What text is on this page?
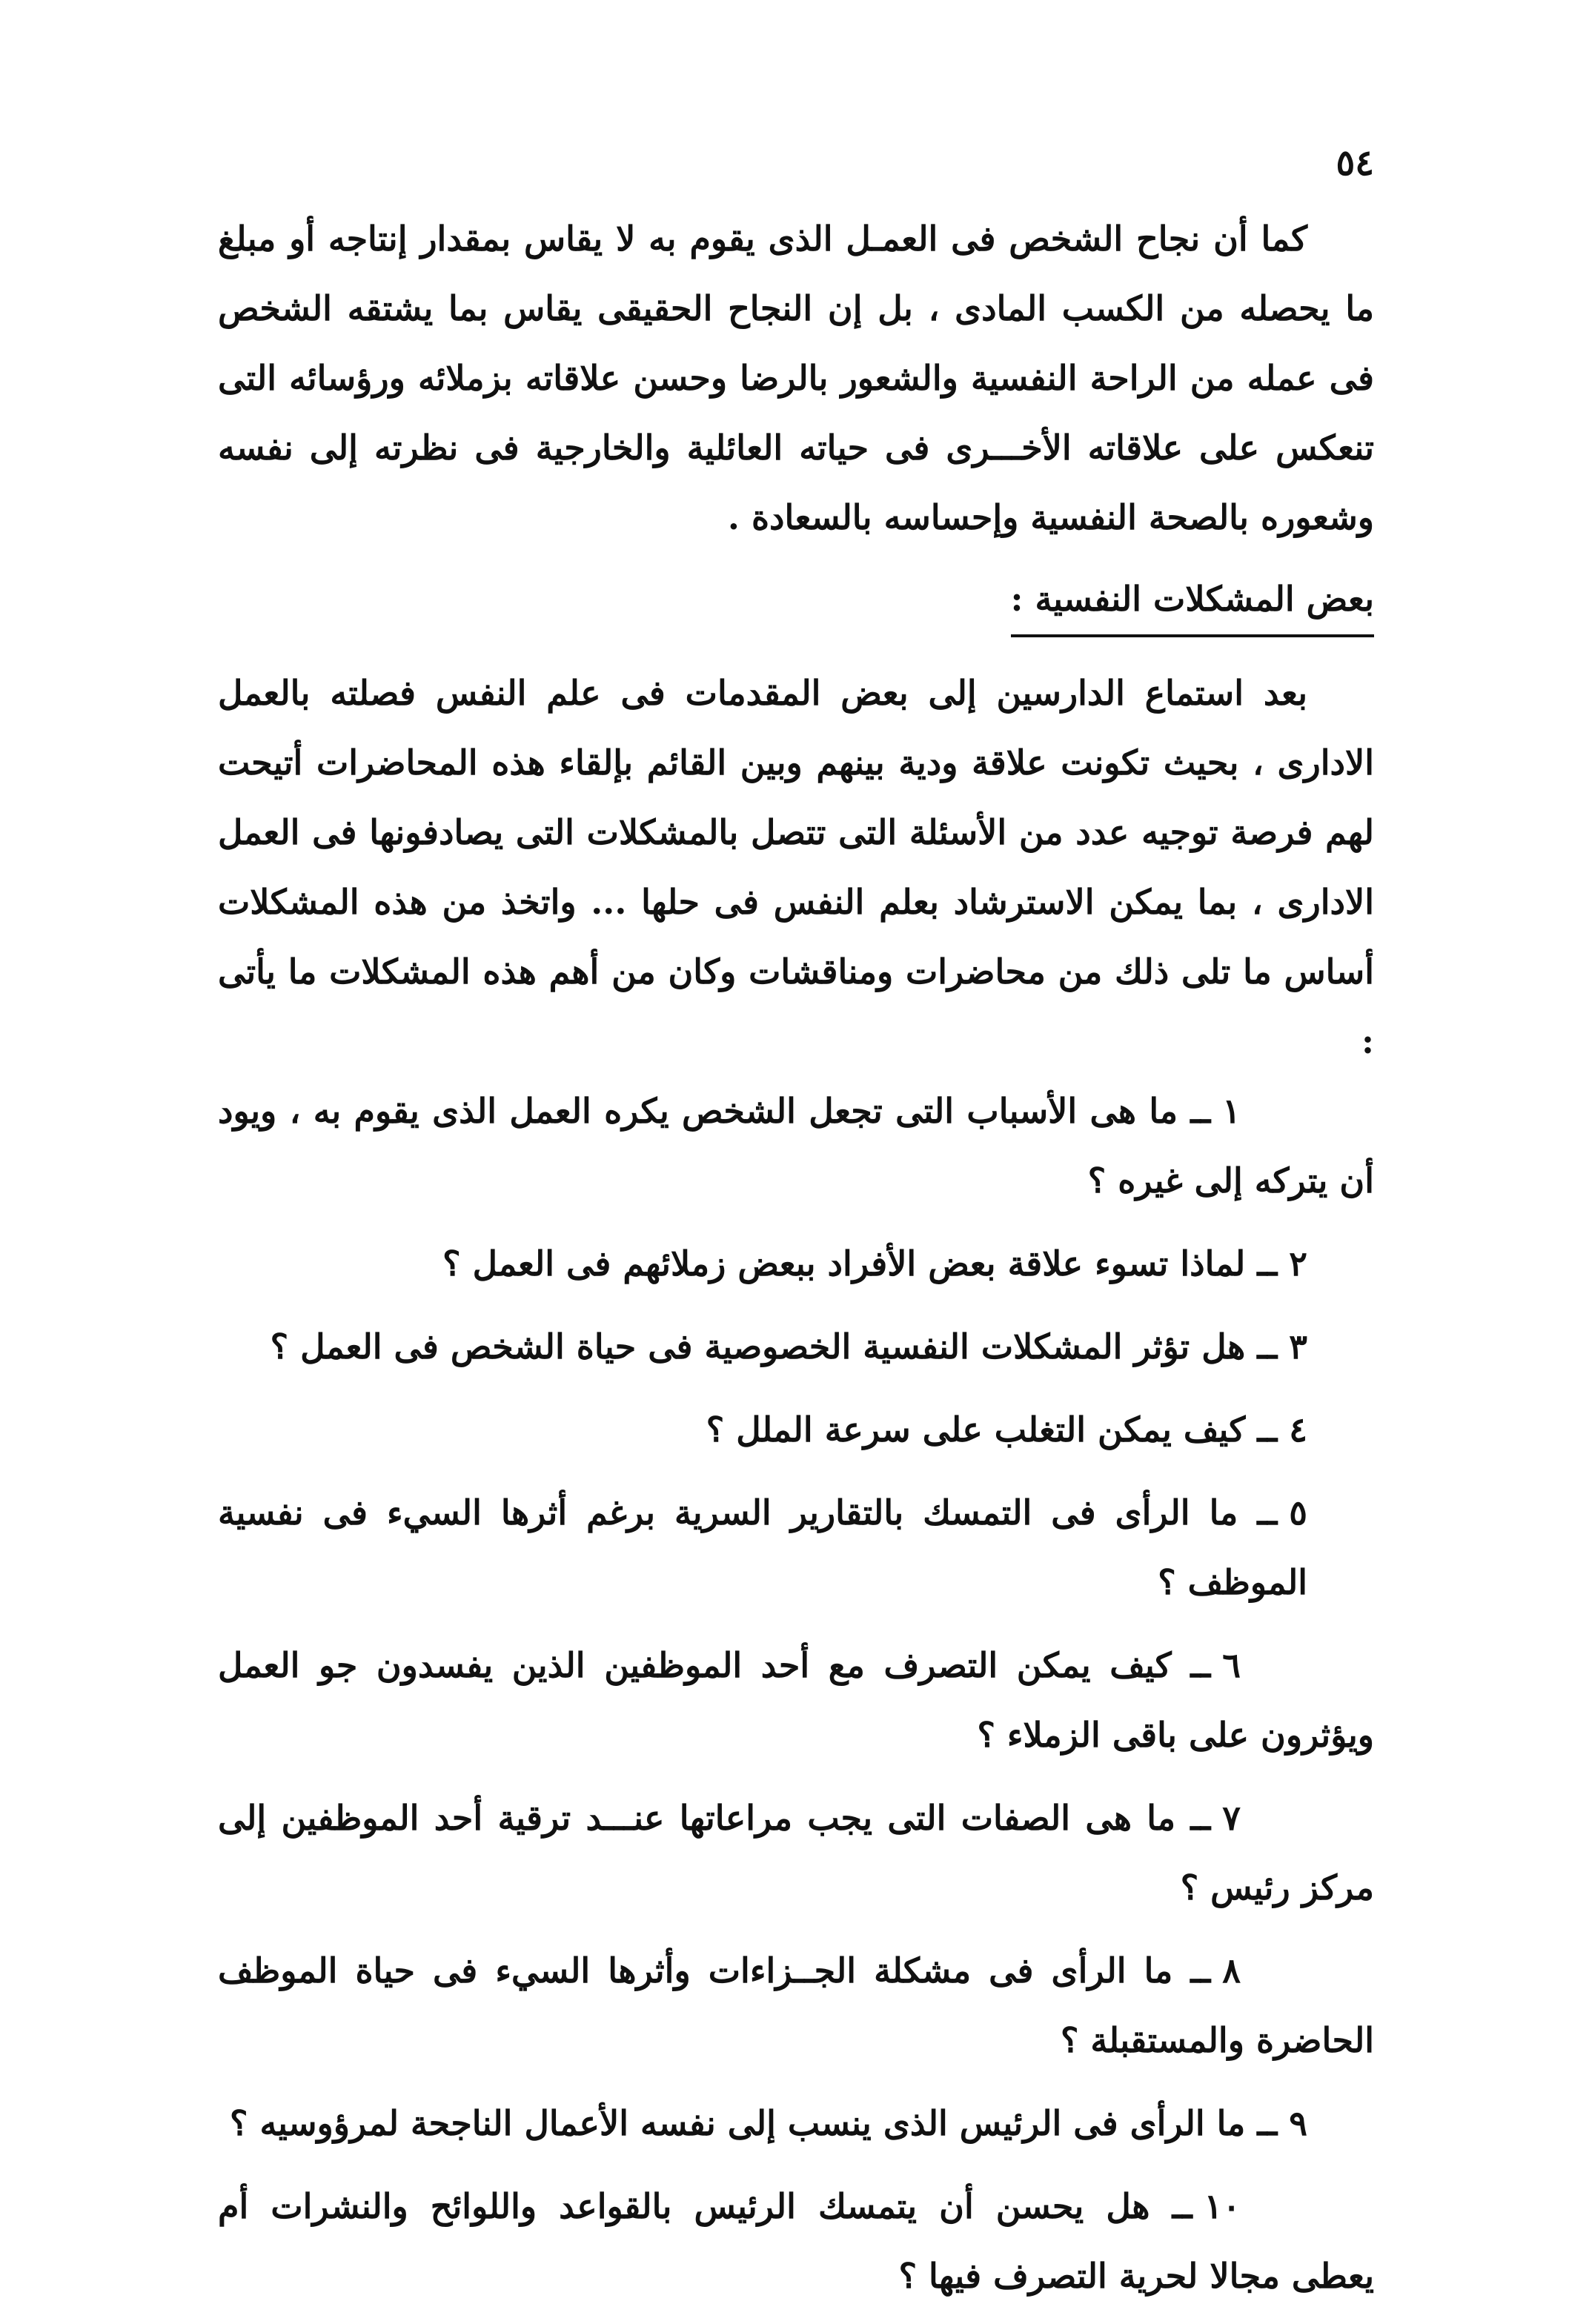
٥٤

كما أن نجاح الشخص فى العمـل الذى يقوم به لا يقاس بمقدار إنتاجه أو مبلغ ما يحصله من الكسب المادى ، بل إن النجاح الحقيقى يقاس بما يشتقه الشخص فى عمله من الراحة النفسية والشعور بالرضا وحسن علاقاته بزملائه ورؤسائه التى تنعكس على علاقاته الأخـــرى فى حياته العائلية والخارجية فى نظرته إلى نفسه وشعوره بالصحة النفسية وإحساسه بالسعادة .

بعض المشكلات النفسية :

بعد استماع الدارسين إلى بعض المقدمات فى علم النفس فصلته بالعمل الادارى ، بحيث تكونت علاقة ودية بينهم وبين القائم بإلقاء هذه المحاضرات أتيحت لهم فرصة توجيه عدد من الأسئلة التى تتصل بالمشكلات التى يصادفونها فى العمل الادارى ، بما يمكن الاسترشاد بعلم النفس فى حلها ... واتخذ من هذه المشكلات أساس ما تلى ذلك من محاضرات ومناقشات وكان من أهم هذه المشكلات ما يأتى :

١ ــ ما هى الأسباب التى تجعل الشخص يكره العمل الذى يقوم به ، ويود أن يتركه إلى غيره ؟
٢ ــ لماذا تسوء علاقة بعض الأفراد ببعض زملائهم فى العمل ؟
٣ ــ هل تؤثر المشكلات النفسية الخصوصية فى حياة الشخص فى العمل ؟
٤ ــ كيف يمكن التغلب على سرعة الملل ؟
٥ ــ ما الرأى فى التمسك بالتقارير السرية برغم أثرها السيء فى نفسية الموظف ؟
٦ ــ كيف يمكن التصرف مع أحد الموظفين الذين يفسدون جو العمل ويؤثرون على باقى الزملاء ؟
٧ ــ ما هى الصفات التى يجب مراعاتها عنـــد ترقية أحد الموظفين إلى مركز رئيس ؟
٨ ــ ما الرأى فى مشكلة الجــزاءات وأثرها السيء فى حياة الموظف الحاضرة والمستقبلة ؟
٩ ــ ما الرأى فى الرئيس الذى ينسب إلى نفسه الأعمال الناجحة لمرؤوسيه ؟
١٠ ــ هل يحسن أن يتمسك الرئيس بالقواعد واللوائح والنشرات أم يعطى مجالا لحرية التصرف فيها ؟
